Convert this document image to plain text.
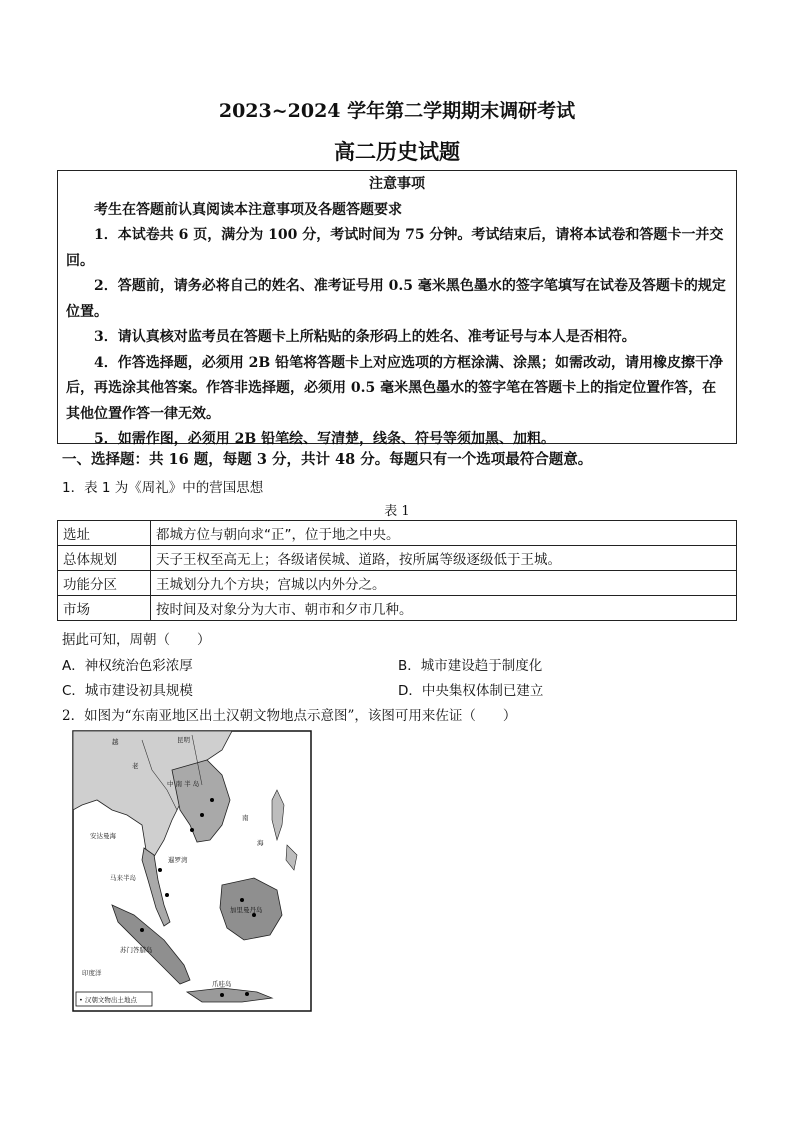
2023~2024 学年第二学期期末调研考试
高二历史试题
注意事项

考生在答题前认真阅读本注意事项及各题答题要求

1．本试卷共 6 页，满分为 100 分，考试时间为 75 分钟。考试结束后，请将本试卷和答题卡一并交回。

2．答题前，请务必将自己的姓名、准考证号用 0.5 毫米黑色墨水的签字笔填写在试卷及答题卡的规定位置。

3．请认真核对监考员在答题卡上所粘贴的条形码上的姓名、准考证号与本人是否相符。

4．作答选择题，必须用 2B 铅笔将答题卡上对应选项的方框涂满、涂黑；如需改动，请用橡皮擦干净后，再选涂其他答案。作答非选择题，必须用 0.5 毫米黑色墨水的签字笔在答题卡上的指定位置作答，在其他位置作答一律无效。

5．如需作图，必须用 2B 铅笔绘、写清楚，线条、符号等须加黑、加粗。

一、选择题：共 16 题，每题 3 分，共计 48 分。每题只有一个选项最符合题意。
1．表 1 为《周礼》中的营国思想
表 1
选址	都城方位与朝向求“正”，位于地之中央。
总体规划	天子王权至高无上；各级诸侯城、道路，按所属等级逐级低于王城。
功能分区	王城划分九个方块；宫城以内外分之。
市场	按时间及对象分为大市、朝市和夕市几种。
据此可知，周朝（　　）
A．神权统治色彩浓厚	B．城市建设趋于制度化
C．城市建设初具规模	D．中央集权体制已建立
2．如图为“东南亚地区出土汉朝文物地点示意图”，该图可用来佐证（　　）
越	昆明
老
中 南 半 岛
南
海
安达曼海
暹罗湾
加里曼丹岛
爪哇岛
苏门答腊岛
马来半岛
印度洋
• 汉朝文物出土地点
